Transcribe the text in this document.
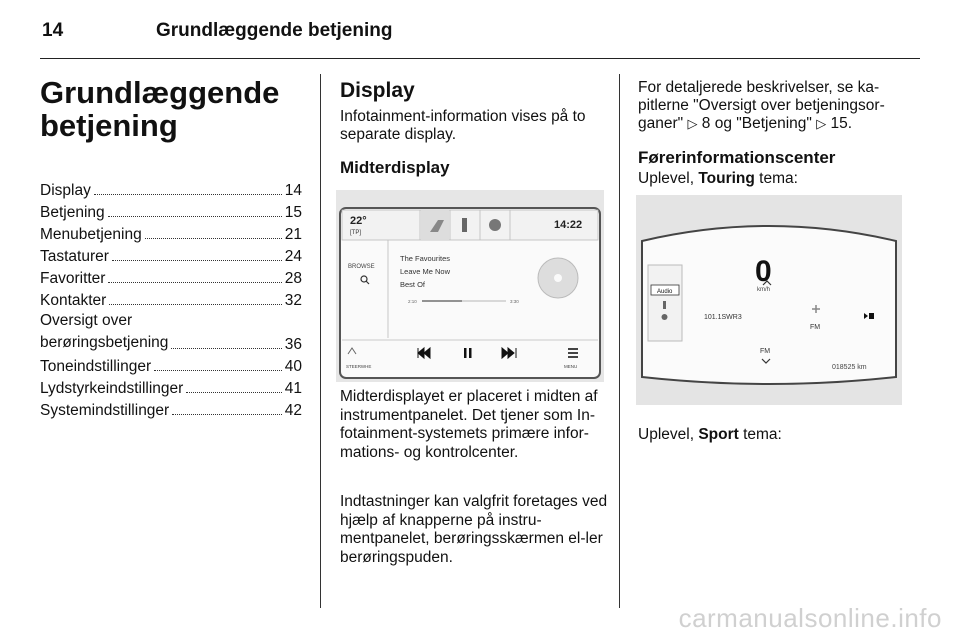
14	Grundlæggende betjening
Grundlæggende
betjening
Display	14
Betjening	15
Menubetjening	21
Tastaturer	24
Favoritter	28
Kontakter	32
Oversigt over
berøringsbetjening	36
Toneindstillinger	40
Lydstyrkeindstillinger	41
Systemindstillinger	42
Display
Infotainment-information vises på to separate display.
Midterdisplay
22°
[TP]
14:22
BROWSE
The Favourites
Leave Me Now
Best Of
2:10	3:30
STEERWHE	MENU
Midterdisplayet er placeret i midten af instrumentpanelet. Det tjener som In-fotainment-systemets primære infor-mations- og kontrolcenter.
Indtastninger kan valgfrit foretages ved hjælp af knapperne på instru-mentpanelet, berøringsskærmen el-ler berøringspuden.
For detaljerede beskrivelser, se ka-pitlerne "Oversigt over betjeningsor-ganer" ▷ 8 og "Betjening" ▷ 15.
Førerinformationscenter
Uplevel, Touring tema:
0
km/h
Audio
101.1SWR3
FM
FM
018525 km
Uplevel, Sport tema:
carmanualsonline.info
